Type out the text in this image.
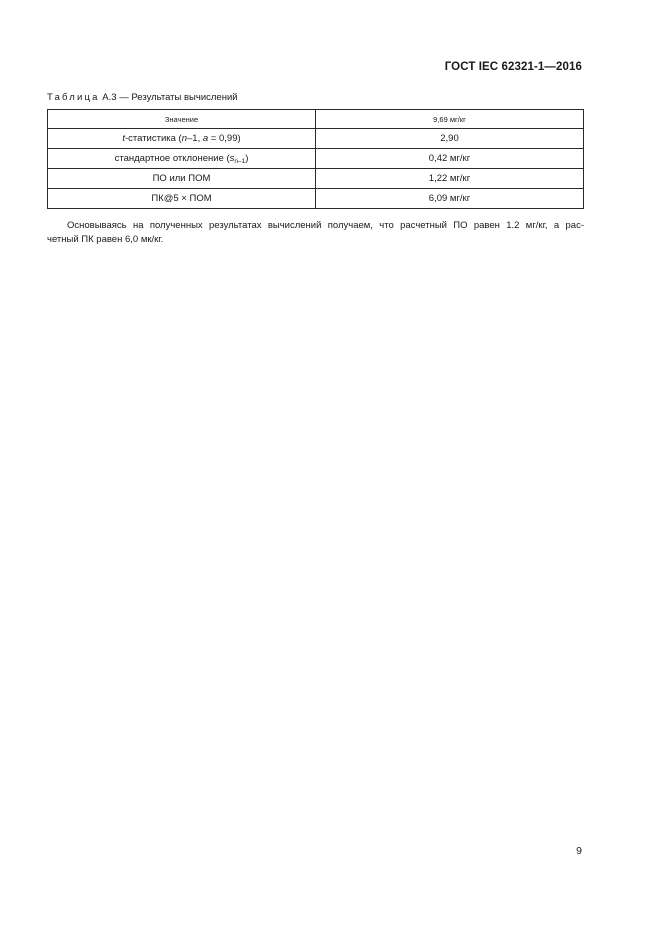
ГОСТ IEC 62321-1—2016
Таблица А.3 — Результаты вычислений
Значение	9,69 мг/кг
t-статистика (n–1, a = 0,99)	2,90
стандартное отклонение $(s_{n-1})$	0,42 мг/кг
ПО или ПОМ	1,22 мг/кг
ПК@5 × ПОМ	6,09 мг/кг
Основываясь на полученных результатах вычислений получаем, что расчетный ПО равен 1.2 мг/кг, а рас-
четный ПК равен 6,0 мк/кг.
9
